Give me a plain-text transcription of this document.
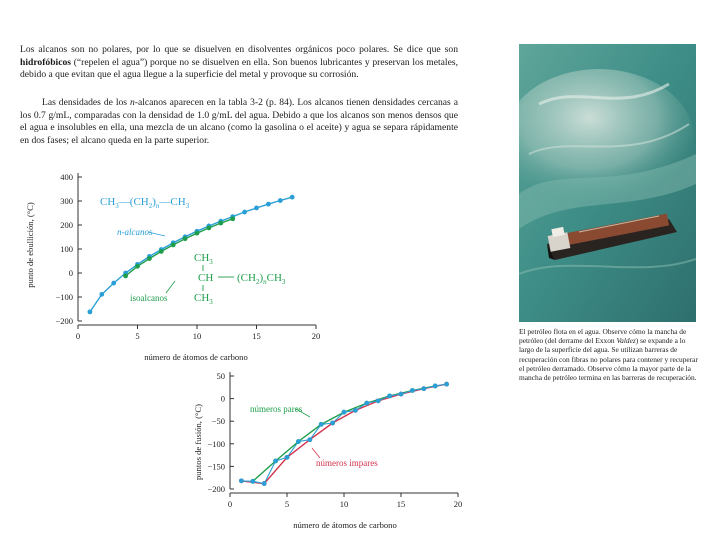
Los alcanos son no polares, por lo que se disuelven en disolventes orgánicos poco polares. Se dice que son hidrofóbicos (“repelen el agua”) porque no se disuelven en ella. Son buenos lubricantes y preservan los metales, debido a que evitan que el agua llegue a la superficie del metal y provoque su corrosión.

Las densidades de los n-alcanos aparecen en la tabla 3-2 (p. 84). Los alcanos tienen densidades cercanas a los 0.7 g/mL, comparadas con la densidad de 1.0 g/mL del agua. Debido a que los alcanos son menos densos que el agua e insolubles en ella, una mezcla de un alcano (como la gasolina o el aceite) y agua se separa rápidamente en dos fases; el alcano queda en la parte superior.

400
300
200
100
0
−100
−200
0	5	10	15	20
punto de ebullición, (°C)
número de átomos de carbono
n-alcanos
isoalcanos
$CH_3—(CH_2)_n—CH_3$
$CH_3$
CH $(CH_2)_nCH_3$
$CH_3$
50
0
−50
−100
−150
−200
0	5	10	15	20
puntos de fusión, (°C)
número de átomos de carbono
números pares
números impares

El petróleo flota en el agua. Observe cómo la mancha de petróleo (del derrame del Exxon Valdez) se expande a lo largo de la superficie del agua. Se utilizan barreras de recuperación con fibras no polares para contener y recuperar el petróleo derramado. Observe cómo la mayor parte de la mancha de petróleo termina en las barreras de recuperación.
